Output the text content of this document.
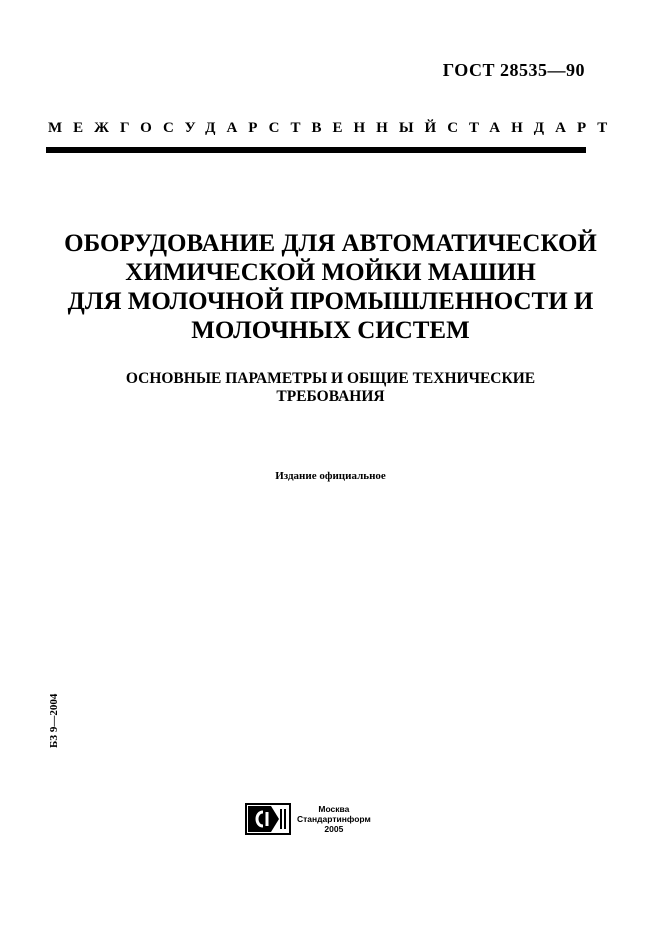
ГОСТ 28535—90
МЕЖГОСУДАРСТВЕННЫЙ СТАНДАРТ
ОБОРУДОВАНИЕ ДЛЯ АВТОМАТИЧЕСКОЙ
ХИМИЧЕСКОЙ МОЙКИ МАШИН
ДЛЯ МОЛОЧНОЙ ПРОМЫШЛЕННОСТИ И
МОЛОЧНЫХ СИСТЕМ
ОСНОВНЫЕ ПАРАМЕТРЫ И ОБЩИЕ ТЕХНИЧЕСКИЕ
ТРЕБОВАНИЯ
Издание официальное
БЗ 9—2004
Москва
Стандартинформ
2005
